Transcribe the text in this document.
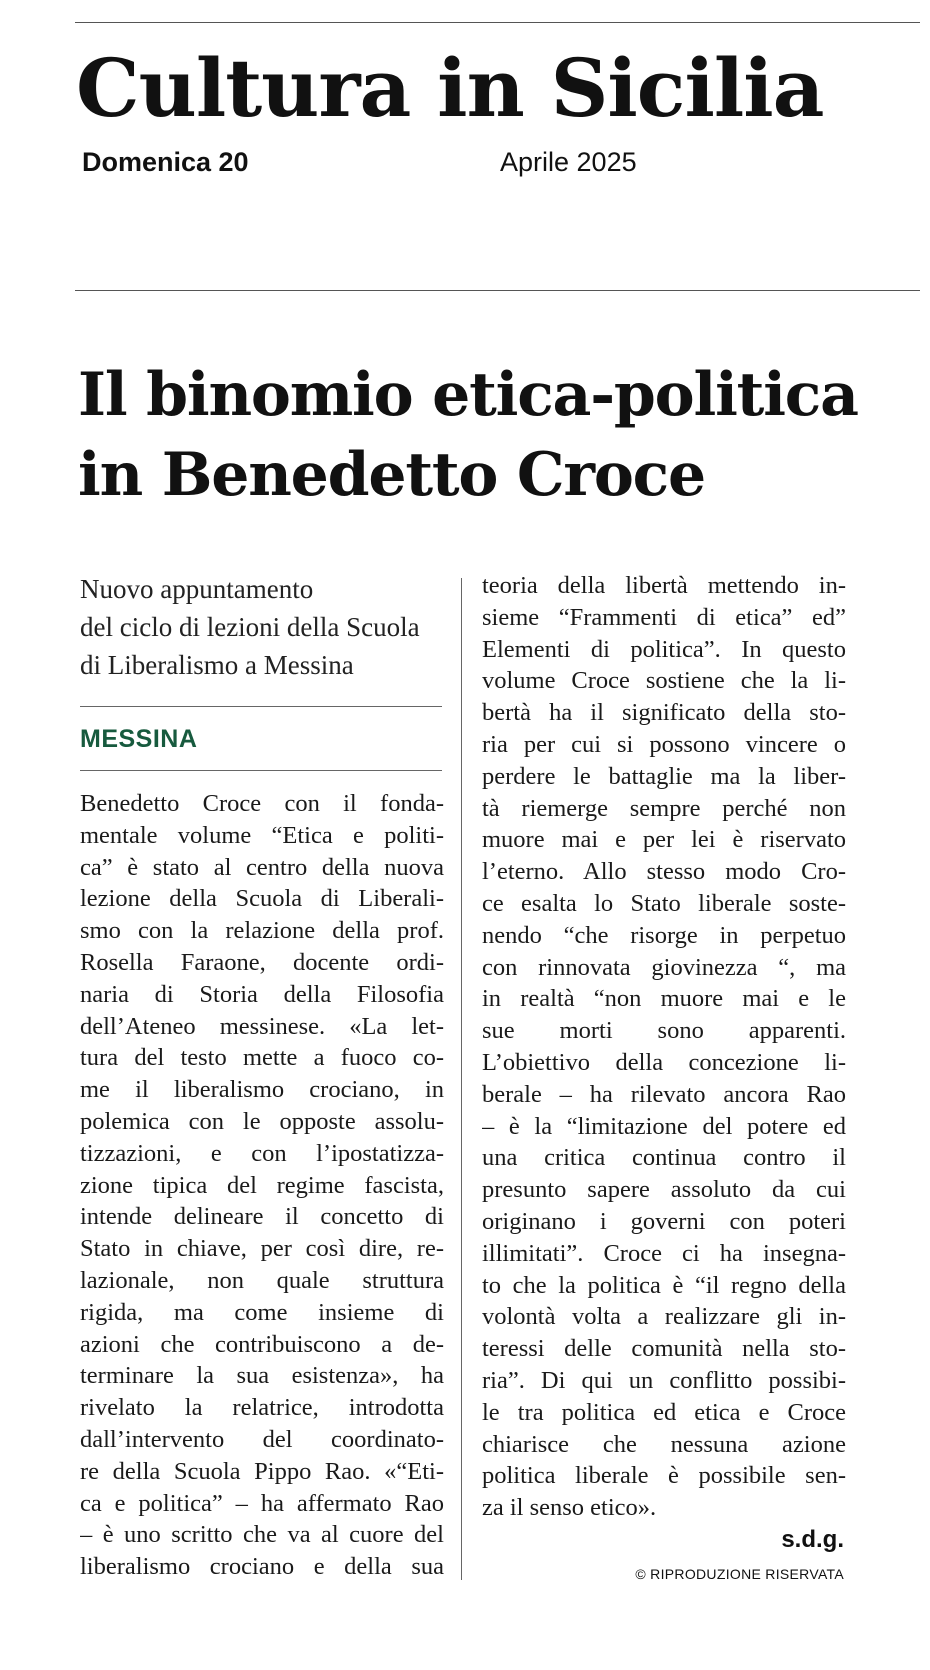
Cultura in Sicilia
Domenica 20	Aprile 2025
Il binomio etica-politica
in Benedetto Croce
Nuovo appuntamento
del ciclo di lezioni della Scuola
di Liberalismo a Messina
MESSINA
Benedetto Croce con il fonda-
mentale volume “Etica e politi-
ca” è stato al centro della nuova
lezione della Scuola di Liberali-
smo con la relazione della prof.
Rosella Faraone, docente ordi-
naria di Storia della Filosofia
dell’Ateneo messinese. «La let-
tura del testo mette a fuoco co-
me il liberalismo crociano, in
polemica con le opposte assolu-
tizzazioni, e con l’ipostatizza-
zione tipica del regime fascista,
intende delineare il concetto di
Stato in chiave, per così dire, re-
lazionale, non quale struttura
rigida, ma come insieme di
azioni che contribuiscono a de-
terminare la sua esistenza», ha
rivelato la relatrice, introdotta
dall’intervento del coordinato-
re della Scuola Pippo Rao. «“Eti-
ca e politica” – ha affermato Rao
– è uno scritto che va al cuore del
liberalismo crociano e della sua
teoria della libertà mettendo in-
sieme “Frammenti di etica” ed”
Elementi di politica”. In questo
volume Croce sostiene che la li-
bertà ha il significato della sto-
ria per cui si possono vincere o
perdere le battaglie ma la liber-
tà riemerge sempre perché non
muore mai e per lei è riservato
l’eterno. Allo stesso modo Cro-
ce esalta lo Stato liberale soste-
nendo “che risorge in perpetuo
con rinnovata giovinezza “, ma
in realtà “non muore mai e le
sue morti sono apparenti.
L’obiettivo della concezione li-
berale – ha rilevato ancora Rao
– è la “limitazione del potere ed
una critica continua contro il
presunto sapere assoluto da cui
originano i governi con poteri
illimitati”. Croce ci ha insegna-
to che la politica è “il regno della
volontà volta a realizzare gli in-
teressi delle comunità nella sto-
ria”. Di qui un conflitto possibi-
le tra politica ed etica e Croce
chiarisce che nessuna azione
politica liberale è possibile sen-
za il senso etico».
s.d.g.
© RIPRODUZIONE RISERVATA
